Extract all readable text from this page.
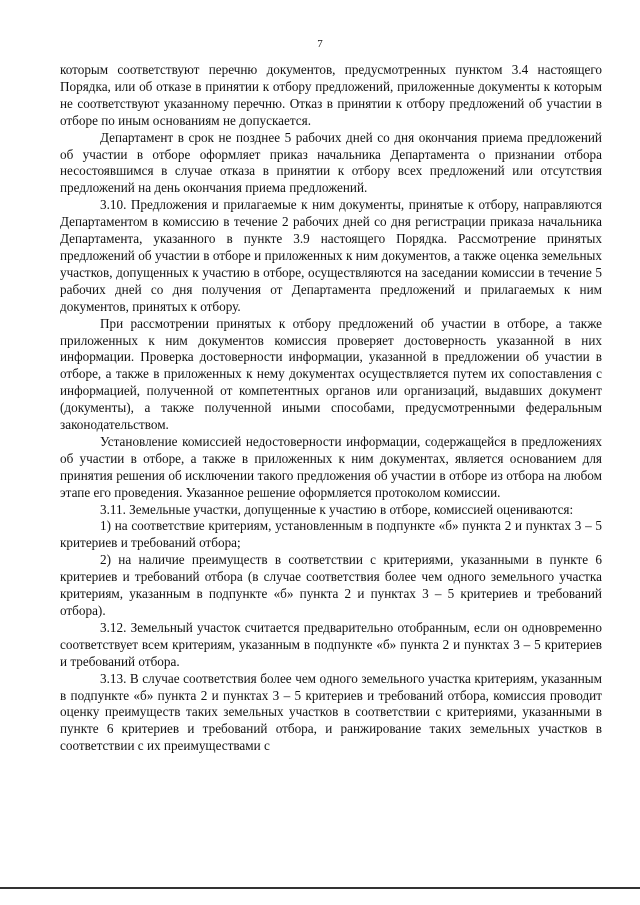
7

которым соответствуют перечню документов, предусмотренных пунктом 3.4 настоящего Порядка, или об отказе в принятии к отбору предложений, приложенные документы к которым не соответствуют указанному перечню. Отказ в принятии к отбору предложений об участии в отборе по иным основаниям не допускается.

Департамент в срок не позднее 5 рабочих дней со дня окончания приема предложений об участии в отборе оформляет приказ начальника Департамента о признании отбора несостоявшимся в случае отказа в принятии к отбору всех предложений или отсутствия предложений на день окончания приема предложений.

3.10. Предложения и прилагаемые к ним документы, принятые к отбору, направляются Департаментом в комиссию в течение 2 рабочих дней со дня регистрации приказа начальника Департамента, указанного в пункте 3.9 настоящего Порядка. Рассмотрение принятых предложений об участии в отборе и приложенных к ним документов, а также оценка земельных участков, допущенных к участию в отборе, осуществляются на заседании комиссии в течение 5 рабочих дней со дня получения от Департамента предложений и прилагаемых к ним документов, принятых к отбору.

При рассмотрении принятых к отбору предложений об участии в отборе, а также приложенных к ним документов комиссия проверяет достоверность указанной в них информации. Проверка достоверности информации, указанной в предложении об участии в отборе, а также в приложенных к нему документах осуществляется путем их сопоставления с информацией, полученной от компетентных органов или организаций, выдавших документ (документы), а также полученной иными способами, предусмотренными федеральным законодательством.

Установление комиссией недостоверности информации, содержащейся в предложениях об участии в отборе, а также в приложенных к ним документах, является основанием для принятия решения об исключении такого предложения об участии в отборе из отбора на любом этапе его проведения. Указанное решение оформляется протоколом комиссии.

3.11. Земельные участки, допущенные к участию в отборе, комиссией оцениваются:

1) на соответствие критериям, установленным в подпункте «б» пункта 2 и пунктах 3 – 5 критериев и требований отбора;

2) на наличие преимуществ в соответствии с критериями, указанными в пункте 6 критериев и требований отбора (в случае соответствия более чем одного земельного участка критериям, указанным в подпункте «б» пункта 2 и пунктах 3 – 5 критериев и требований отбора).

3.12. Земельный участок считается предварительно отобранным, если он одновременно соответствует всем критериям, указанным в подпункте «б» пункта 2 и пунктах 3 – 5 критериев и требований отбора.

3.13. В случае соответствия более чем одного земельного участка критериям, указанным в подпункте «б» пункта 2 и пунктах 3 – 5 критериев и требований отбора, комиссия проводит оценку преимуществ таких земельных участков в соответствии с критериями, указанными в пункте 6 критериев и требований отбора, и ранжирование таких земельных участков в соответствии с их преимуществами с
